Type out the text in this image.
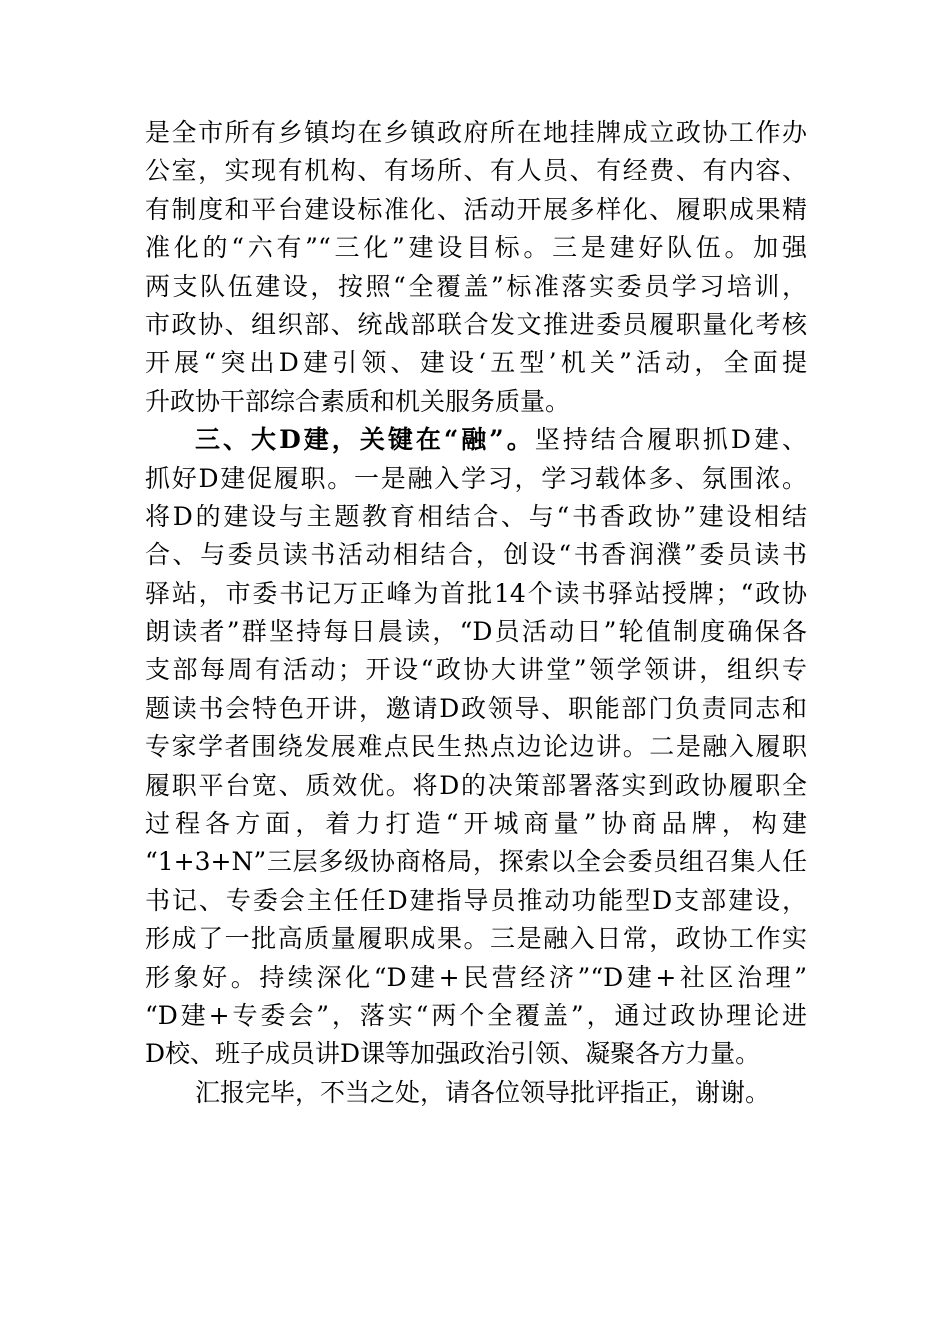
是全市所有乡镇均在乡镇政府所在地挂牌成立政协工作办
公室，实现有机构、有场所、有人员、有经费、有内容、
有制度和平台建设标准化、活动开展多样化、履职成果精
准化的“六有”“三化”建设目标。三是建好队伍。加强
两支队伍建设，按照“全覆盖”标准落实委员学习培训，
市政协、组织部、统战部联合发文推进委员履职量化考核
开展“突出D建引领、建设‘五型’机关”活动，全面提
升政协干部综合素质和机关服务质量。
三、大D建，关键在“融”。坚持结合履职抓D建、
抓好D建促履职。一是融入学习，学习载体多、氛围浓。
将D的建设与主题教育相结合、与“书香政协”建设相结
合、与委员读书活动相结合，创设“书香润濮”委员读书
驿站，市委书记万正峰为首批14个读书驿站授牌；“政协
朗读者”群坚持每日晨读，“D员活动日”轮值制度确保各
支部每周有活动；开设“政协大讲堂”领学领讲，组织专
题读书会特色开讲，邀请D政领导、职能部门负责同志和
专家学者围绕发展难点民生热点边论边讲。二是融入履职
履职平台宽、质效优。将D的决策部署落实到政协履职全
过程各方面，着力打造“开城商量”协商品牌，构建
“1+3+N”三层多级协商格局，探索以全会委员组召集人任
书记、专委会主任任D建指导员推动功能型D支部建设，
形成了一批高质量履职成果。三是融入日常，政协工作实
形象好。持续深化“D建+民营经济”“D建+社区治理”
“D建+专委会”，落实“两个全覆盖”，通过政协理论进
D校、班子成员讲D课等加强政治引领、凝聚各方力量。
汇报完毕，不当之处，请各位领导批评指正，谢谢。
